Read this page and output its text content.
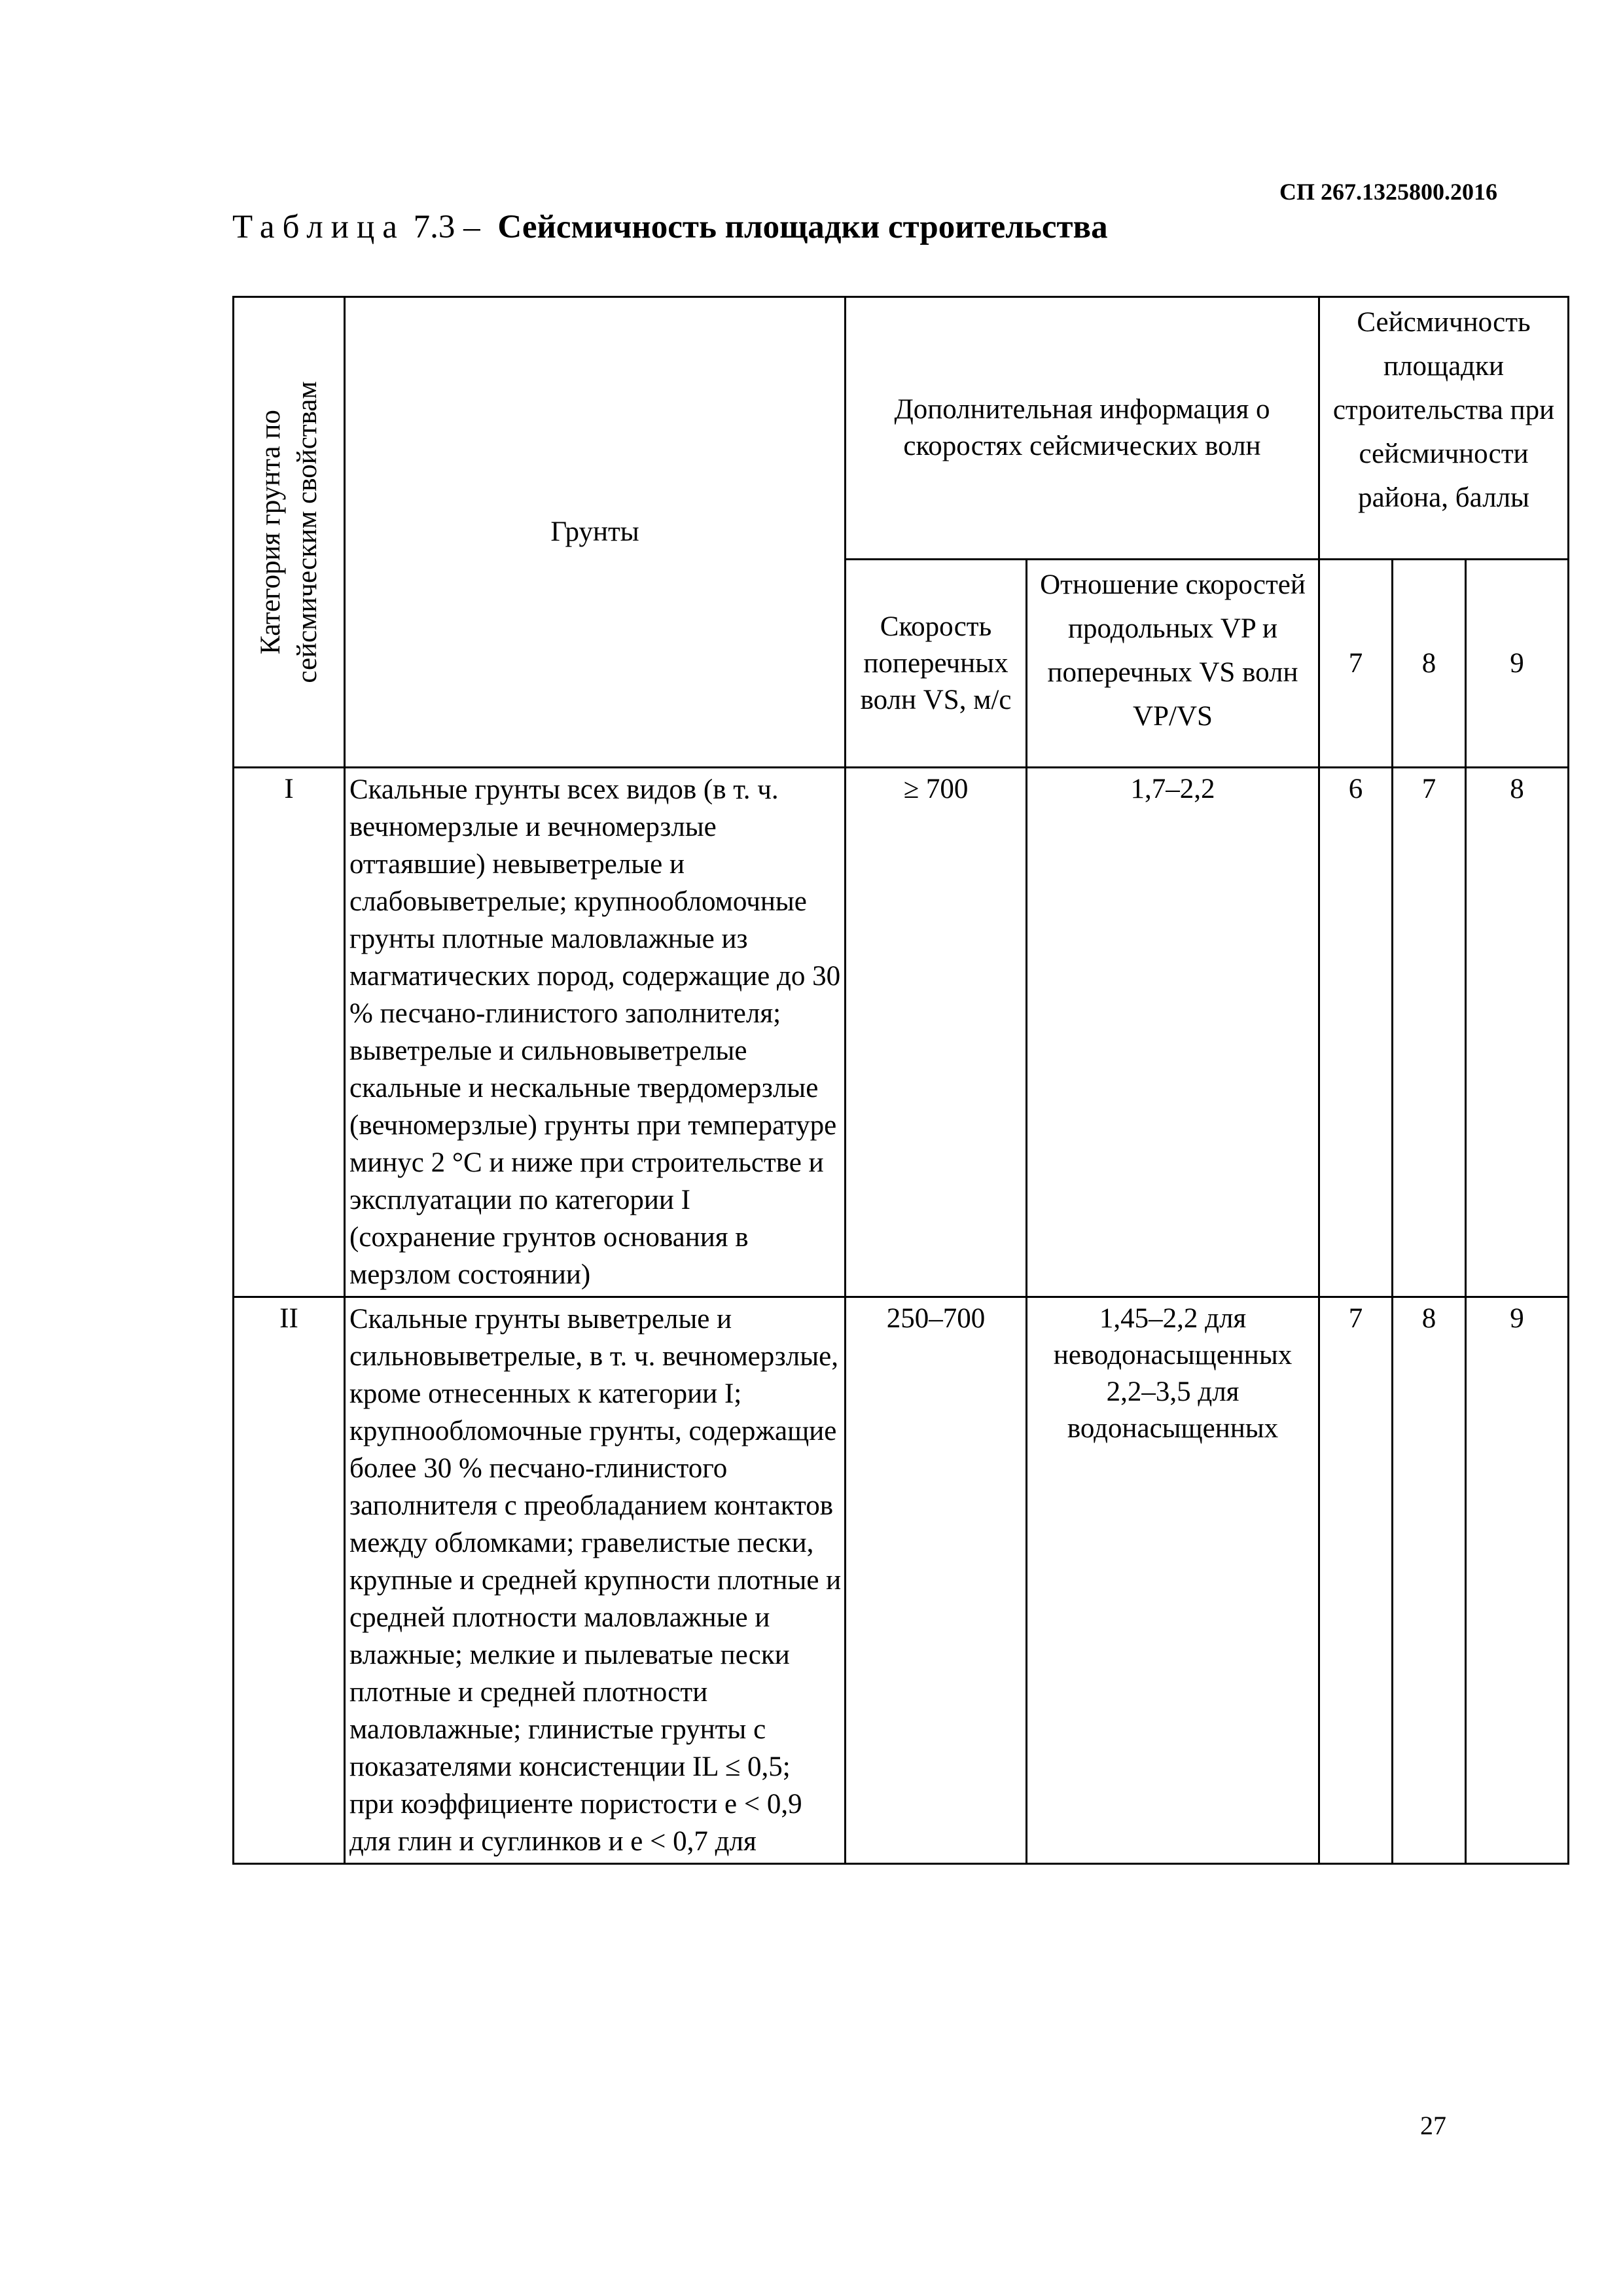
СП 267.1325800.2016
Таблица 7.3 – Сейсмичность площадки строительства
Категория грунта по сейсмическим свойствам	Грунты	Дополнительная информация о скоростях сейсмических волн		Сейсмичность площадки строительства при сейсмичности района, баллы		
		Скорость поперечных волн VS, м/с	Отношение скоростей продольных VP и поперечных VS волн VP/VS	7	8	9
I	Скальные грунты всех видов (в т. ч. вечномерзлые и вечномерзлые оттаявшие) невыветрелые и слабовыветрелые; крупнообломочные грунты плотные маловлажные из магматических пород, содержащие до 30 % песчано-глинистого заполнителя; выветрелые и сильновыветрелые скальные и нескальные твердомерзлые (вечномерзлые) грунты при температуре минус 2 °С и ниже при строительстве и эксплуатации по категории I (сохранение грунтов основания в мерзлом состоянии)	≥ 700	1,7–2,2	6	7	8
II	Скальные грунты выветрелые и сильновыветрелые, в т. ч. вечномерзлые, кроме отнесенных к категории I; крупнообломочные грунты, содержащие более 30 % песчано-глинистого заполнителя с преобладанием контактов между обломками; гравелистые пески, крупные и средней крупности плотные и средней плотности маловлажные и влажные; мелкие и пылеватые пески плотные и средней плотности маловлажные; глинистые грунты с показателями консистенции IL ≤ 0,5; при коэффициенте пористости e < 0,9 для глин и суглинков и e < 0,7 для	250–700	1,45–2,2 для неводонасыщенных 2,2–3,5 для водонасыщенных	7	8	9
27
